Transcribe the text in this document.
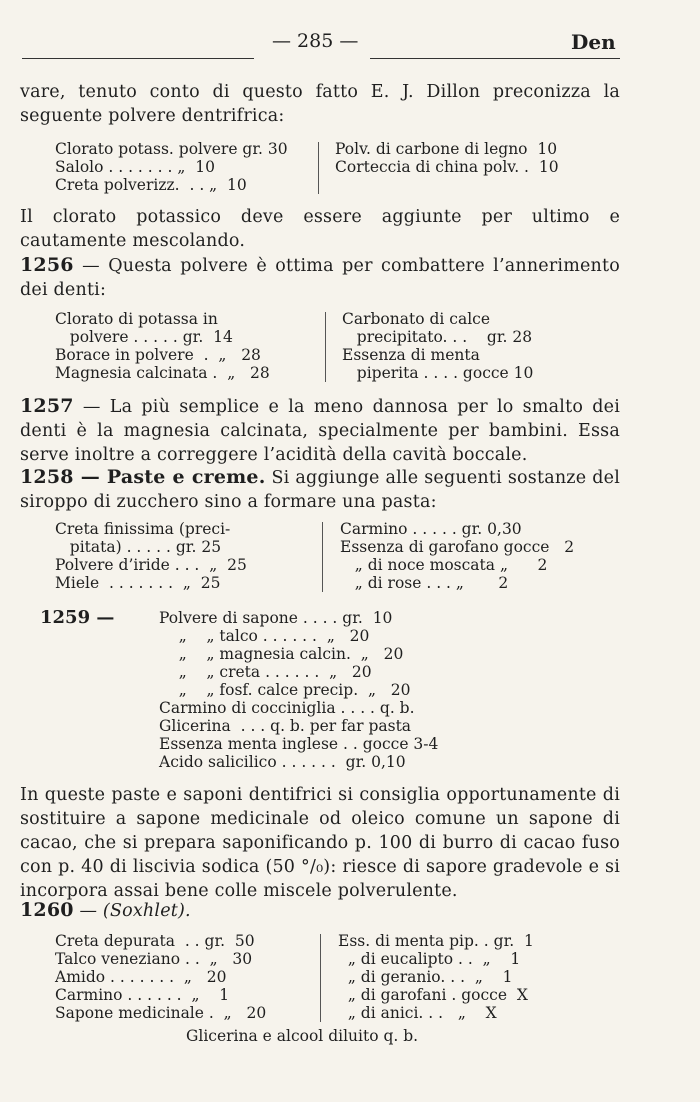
— 285 —	Den
vare, tenuto conto di questo fatto E. J. Dillon preconizza la seguente polvere dentrifrica:
Clorato potass. polvere gr. 30
Salolo . . . . . . . „  10
Creta polverizz.  . . „  10
Polv. di carbone di legno  10
Corteccia di china polv. .  10
Il clorato potassico deve essere aggiunte per ultimo e cautamente mescolando.
1256 — Questa polvere è ottima per combattere l’annerimento dei denti:
Clorato di potassa in
polvere . . . . . gr.  14
Borace in polvere  .  „   28
Magnesia calcinata .  „   28
Carbonato di calce
precipitato. . .    gr. 28
Essenza di menta
piperita . . . . gocce 10
1257 — La più semplice e la meno dannosa per lo smalto dei denti è la magnesia calcinata, specialmente per bambini. Essa serve inoltre a correggere l’acidità della cavità boccale.
1258 — Paste e creme. Si aggiunge alle seguenti sostanze del siroppo di zucchero sino a formare una pasta:
Creta finissima (preci-
pitata) . . . . . gr. 25
Polvere d’iride . . .  „  25
Miele  . . . . . . .  „  25
Carmino . . . . . gr. 0,30
Essenza di garofano gocce   2
„ di noce moscata „      2
„ di rose . . . „       2
1259 —	Polvere di sapone . . . . gr.  10
„    „ talco . . . . . .  „   20
„    „ magnesia calcin.  „   20
„    „ creta . . . . . .  „   20
„    „ fosf. calce precip.  „   20
Carmino di cocciniglia . . . . q. b.
Glicerina  . . . q. b. per far pasta
Essenza menta inglese . . gocce 3-4
Acido salicilico . . . . . .  gr. 0,10
In queste paste e saponi dentifrici si consiglia opportunamente di sostituire a sapone medicinale od oleico comune un sapone di cacao, che si prepara saponificando p. 100 di burro di cacao fuso con p. 40 di liscivia sodica (50 °/₀): riesce di sapore gradevole e si incorpora assai bene colle miscele polverulente.
1260 — (Soxhlet).
Creta depurata  . . gr.  50
Talco veneziano . .  „   30
Amido . . . . . . .  „   20
Carmino . . . . . .  „    1
Sapone medicinale .  „   20
Ess. di menta pip. . gr.  1
„ di eucalipto . .  „    1
„ di geranio. . .  „    1
„ di garofani . gocce  X
„ di anici. . .   „    X
Glicerina e alcool diluito q. b.
